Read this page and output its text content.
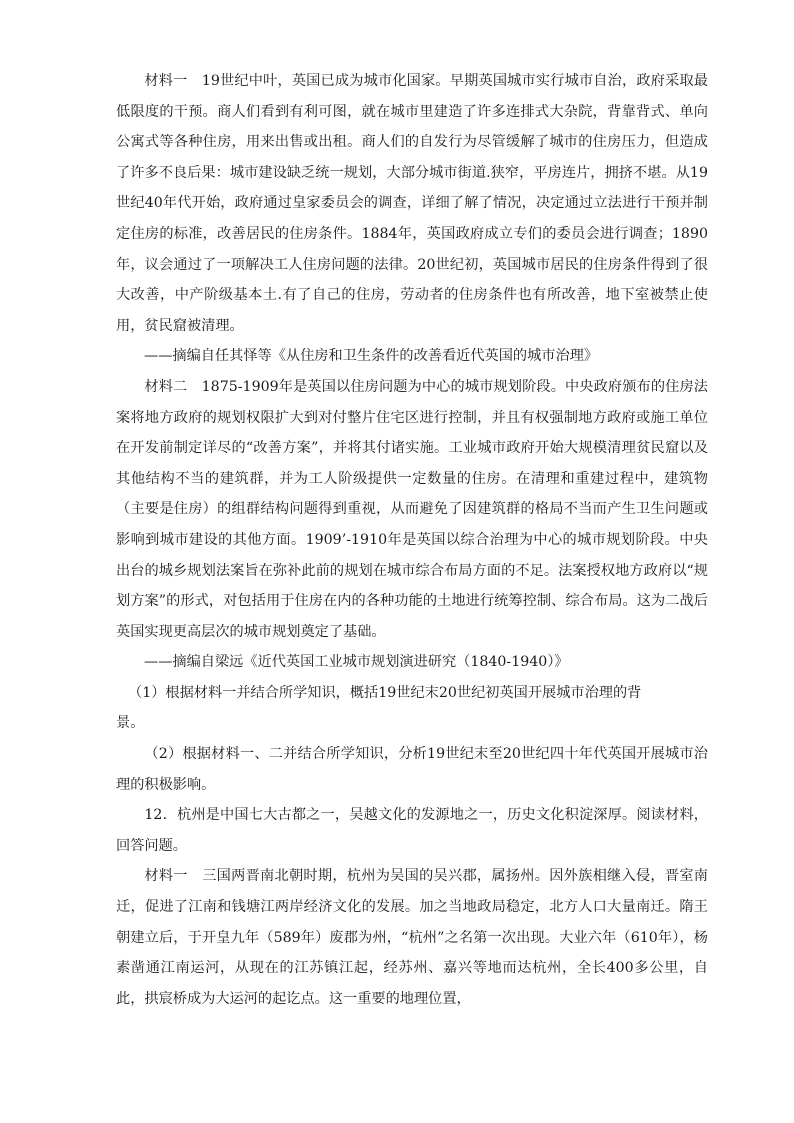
材料一　19世纪中叶，英国已成为城市化国家。早期英国城市实行城市自治，政府采取最低限度的干预。商人们看到有利可图，就在城市里建造了许多连排式大杂院，背靠背式、单向公寓式等各种住房，用来出售或出租。商人们的自发行为尽管缓解了城市的住房压力，但造成了许多不良后果：城市建设缺乏统一规划，大部分城市街道.狭窄，平房连片，拥挤不堪。从19世纪40年代开始，政府通过皇家委员会的调查，详细了解了情况，决定通过立法进行干预并制定住房的标准，改善居民的住房条件。1884年，英国政府成立专们的委员会进行调查；1890年，议会通过了一项解决工人住房问题的法律。20世纪初，英国城市居民的住房条件得到了很大改善，中产阶级基本土.有了自己的住房，劳动者的住房条件也有所改善，地下室被禁止使用，贫民窟被清理。

——摘编自任其怿等《从住房和卫生条件的改善看近代英国的城市治理》

材料二　1875-1909年是英国以住房问题为中心的城市规划阶段。中央政府颁布的住房法案将地方政府的规划权限扩大到对付整片住宅区进行控制，并且有权强制地方政府或施工单位在开发前制定详尽的“改善方案”，并将其付诸实施。工业城市政府开始大规模清理贫民窟以及其他结构不当的建筑群，并为工人阶级提供一定数量的住房。在清理和重建过程中，建筑物（主要是住房）的组群结构问题得到重视，从而避免了因建筑群的格局不当而产生卫生问题或影响到城市建设的其他方面。1909’-1910年是英国以综合治理为中心的城市规划阶段。中央出台的城乡规划法案旨在弥补此前的规划在城市综合布局方面的不足。法案授权地方政府以“规划方案”的形式，对包括用于住房在内的各种功能的土地进行统筹控制、综合布局。这为二战后英国实现更高层次的城市规划奠定了基础。

——摘编自梁远《近代英国工业城市规划演进研究（1840-1940）》

（1）根据材料一并结合所学知识，概括19世纪末20世纪初英国开展城市治理的背

景。

（2）根据材料一、二并结合所学知识，分析19世纪末至20世纪四十年代英国开展城市治理的积极影响。

12．杭州是中国七大古都之一，吴越文化的发源地之一，历史文化积淀深厚。阅读材料，回答问题。

材料一　三国两晋南北朝时期，杭州为吴国的吴兴郡，属扬州。因外族相继入侵，晋室南迁，促进了江南和钱塘江两岸经济文化的发展。加之当地政局稳定，北方人口大量南迁。隋王朝建立后，于开皇九年（589年）废郡为州，“杭州”之名第一次出现。大业六年（610年），杨素凿通江南运河，从现在的江苏镇江起，经苏州、嘉兴等地而达杭州，全长400多公里，自此，拱宸桥成为大运河的起讫点。这一重要的地理位置，
